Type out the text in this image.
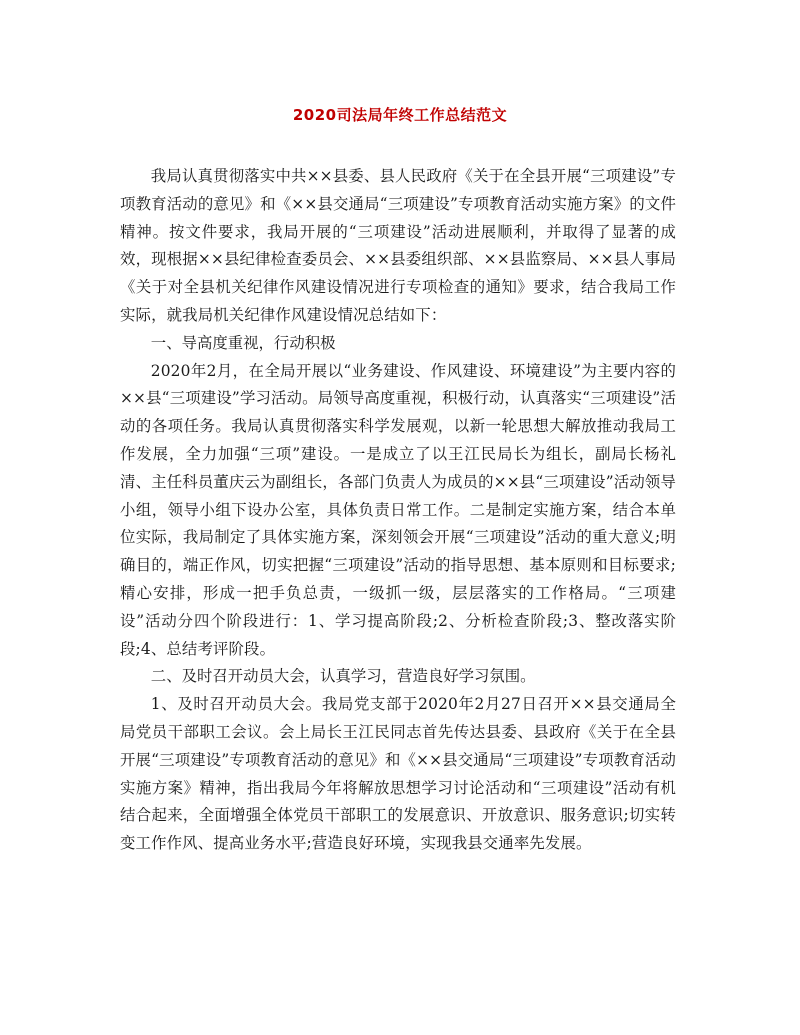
2020司法局年终工作总结范文

我局认真贯彻落实中共××县委、县人民政府《关于在全县开展“三项建设”专项教育活动的意见》和《××县交通局“三项建设”专项教育活动实施方案》的文件精神。按文件要求，我局开展的“三项建设”活动进展顺利，并取得了显著的成效，现根据××县纪律检查委员会、××县委组织部、××县监察局、××县人事局《关于对全县机关纪律作风建设情况进行专项检查的通知》要求，结合我局工作实际，就我局机关纪律作风建设情况总结如下：

一、导高度重视，行动积极

2020年2月，在全局开展以“业务建设、作风建设、环境建设”为主要内容的××县“三项建设”学习活动。局领导高度重视，积极行动，认真落实“三项建设”活动的各项任务。我局认真贯彻落实科学发展观，以新一轮思想大解放推动我局工作发展，全力加强“三项”建设。一是成立了以王江民局长为组长，副局长杨礼清、主任科员董庆云为副组长，各部门负责人为成员的××县“三项建设”活动领导小组，领导小组下设办公室，具体负责日常工作。二是制定实施方案，结合本单位实际，我局制定了具体实施方案，深刻领会开展“三项建设”活动的重大意义;明确目的，端正作风，切实把握“三项建设”活动的指导思想、基本原则和目标要求;精心安排，形成一把手负总责，一级抓一级，层层落实的工作格局。“三项建设”活动分四个阶段进行：1、学习提高阶段;2、分析检查阶段;3、整改落实阶段;4、总结考评阶段。

二、及时召开动员大会，认真学习，营造良好学习氛围。

1、及时召开动员大会。我局党支部于2020年2月27日召开××县交通局全局党员干部职工会议。会上局长王江民同志首先传达县委、县政府《关于在全县开展“三项建设”专项教育活动的意见》和《××县交通局“三项建设”专项教育活动实施方案》精神，指出我局今年将解放思想学习讨论活动和“三项建设”活动有机结合起来，全面增强全体党员干部职工的发展意识、开放意识、服务意识;切实转变工作作风、提高业务水平;营造良好环境，实现我县交通率先发展。
